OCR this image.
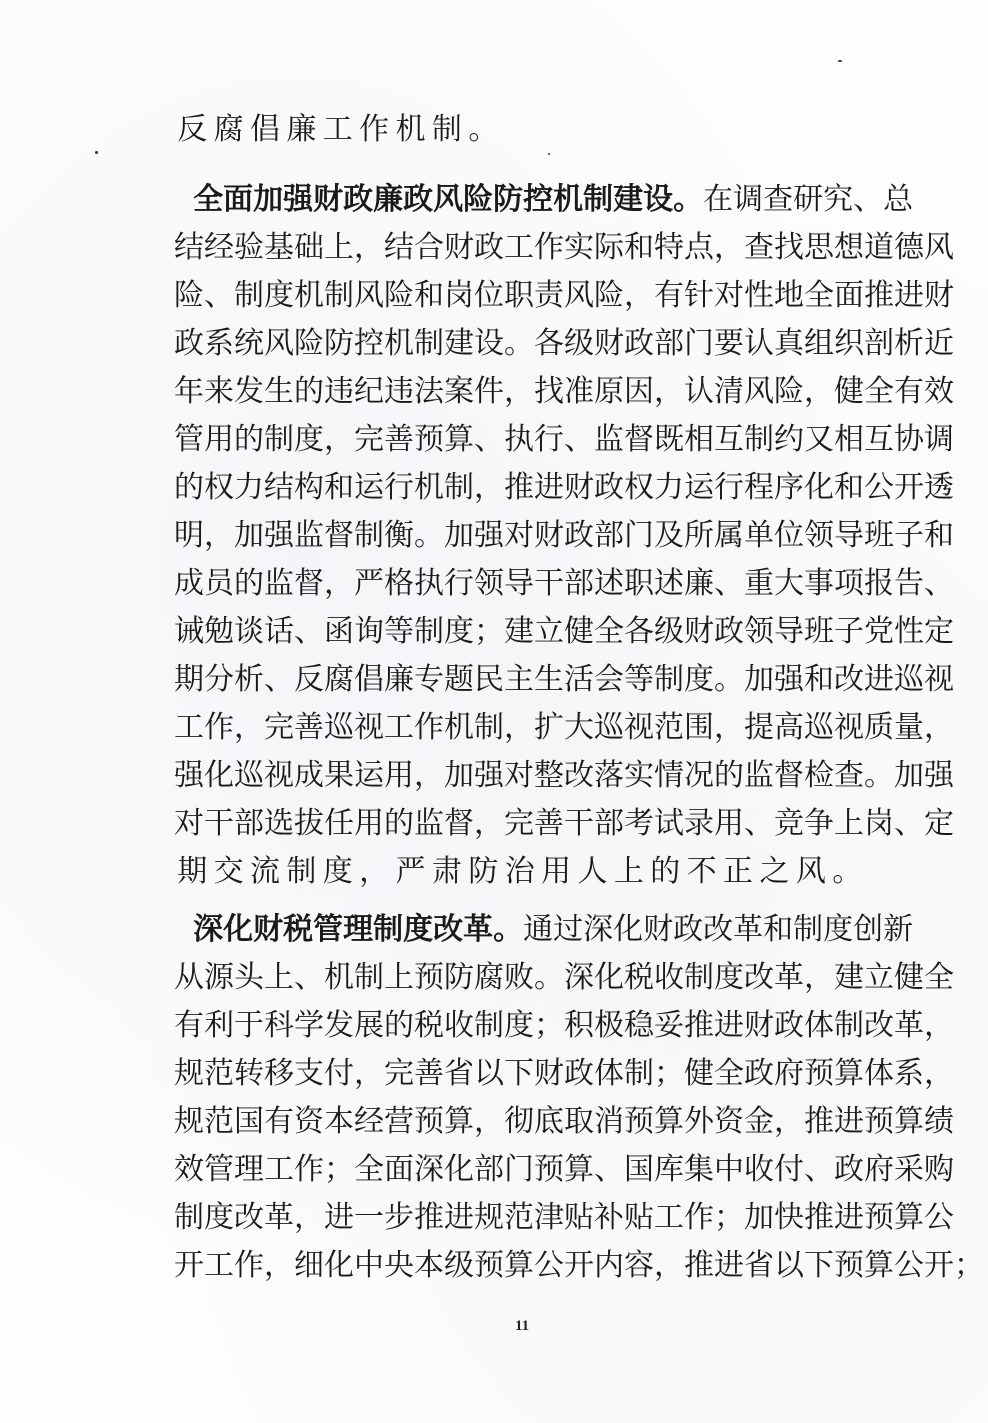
反 腐 倡 廉 工 作 机 制 。

全 面 加 强 财 政 廉 政 风 险 防 控 机 制 建 设 。 在 调 查 研 究 、 总
结 经 验 基 础 上 ， 结 合 财 政 工 作 实 际 和 特 点 ， 查 找 思 想 道 德 风
险 、 制 度 机 制 风 险 和 岗 位 职 责 风 险 ， 有 针 对 性 地 全 面 推 进 财
政 系 统 风 险 防 控 机 制 建 设 。 各 级 财 政 部 门 要 认 真 组 织 剖 析 近
年 来 发 生 的 违 纪 违 法 案 件 ， 找 准 原 因 ， 认 清 风 险 ， 健 全 有 效
管 用 的 制 度 ， 完 善 预 算 、 执 行 、 监 督 既 相 互 制 约 又 相 互 协 调
的 权 力 结 构 和 运 行 机 制 ， 推 进 财 政 权 力 运 行 程 序 化 和 公 开 透
明 ， 加 强 监 督 制 衡 。 加 强 对 财 政 部 门 及 所 属 单 位 领 导 班 子 和
成 员 的 监 督 ， 严 格 执 行 领 导 干 部 述 职 述 廉 、 重 大 事 项 报 告 、
诫 勉 谈 话 、 函 询 等 制 度 ； 建 立 健 全 各 级 财 政 领 导 班 子 党 性 定
期 分 析 、 反 腐 倡 廉 专 题 民 主 生 活 会 等 制 度 。 加 强 和 改 进 巡 视
工 作 ， 完 善 巡 视 工 作 机 制 ， 扩 大 巡 视 范 围 ， 提 高 巡 视 质 量 ，
强 化 巡 视 成 果 运 用 ， 加 强 对 整 改 落 实 情 况 的 监 督 检 查 。 加 强
对 干 部 选 拔 任 用 的 监 督 ， 完 善 干 部 考 试 录 用 、 竞 争 上 岗 、 定
期 交 流 制 度 ， 严 肃 防 治 用 人 上 的 不 正 之 风 。

深 化 财 税 管 理 制 度 改 革 。 通 过 深 化 财 政 改 革 和 制 度 创 新
从 源 头 上 、 机 制 上 预 防 腐 败 。 深 化 税 收 制 度 改 革 ， 建 立 健 全
有 利 于 科 学 发 展 的 税 收 制 度 ； 积 极 稳 妥 推 进 财 政 体 制 改 革 ，
规 范 转 移 支 付 ， 完 善 省 以 下 财 政 体 制 ； 健 全 政 府 预 算 体 系 ，
规 范 国 有 资 本 经 营 预 算 ， 彻 底 取 消 预 算 外 资 金 ， 推 进 预 算 绩
效 管 理 工 作 ； 全 面 深 化 部 门 预 算 、 国 库 集 中 收 付 、 政 府 采 购
制 度 改 革 ， 进 一 步 推 进 规 范 津 贴 补 贴 工 作 ； 加 快 推 进 预 算 公
开 工 作 ， 细 化 中 央 本 级 预 算 公 开 内 容 ， 推 进 省 以 下 预 算 公 开 ；
11
